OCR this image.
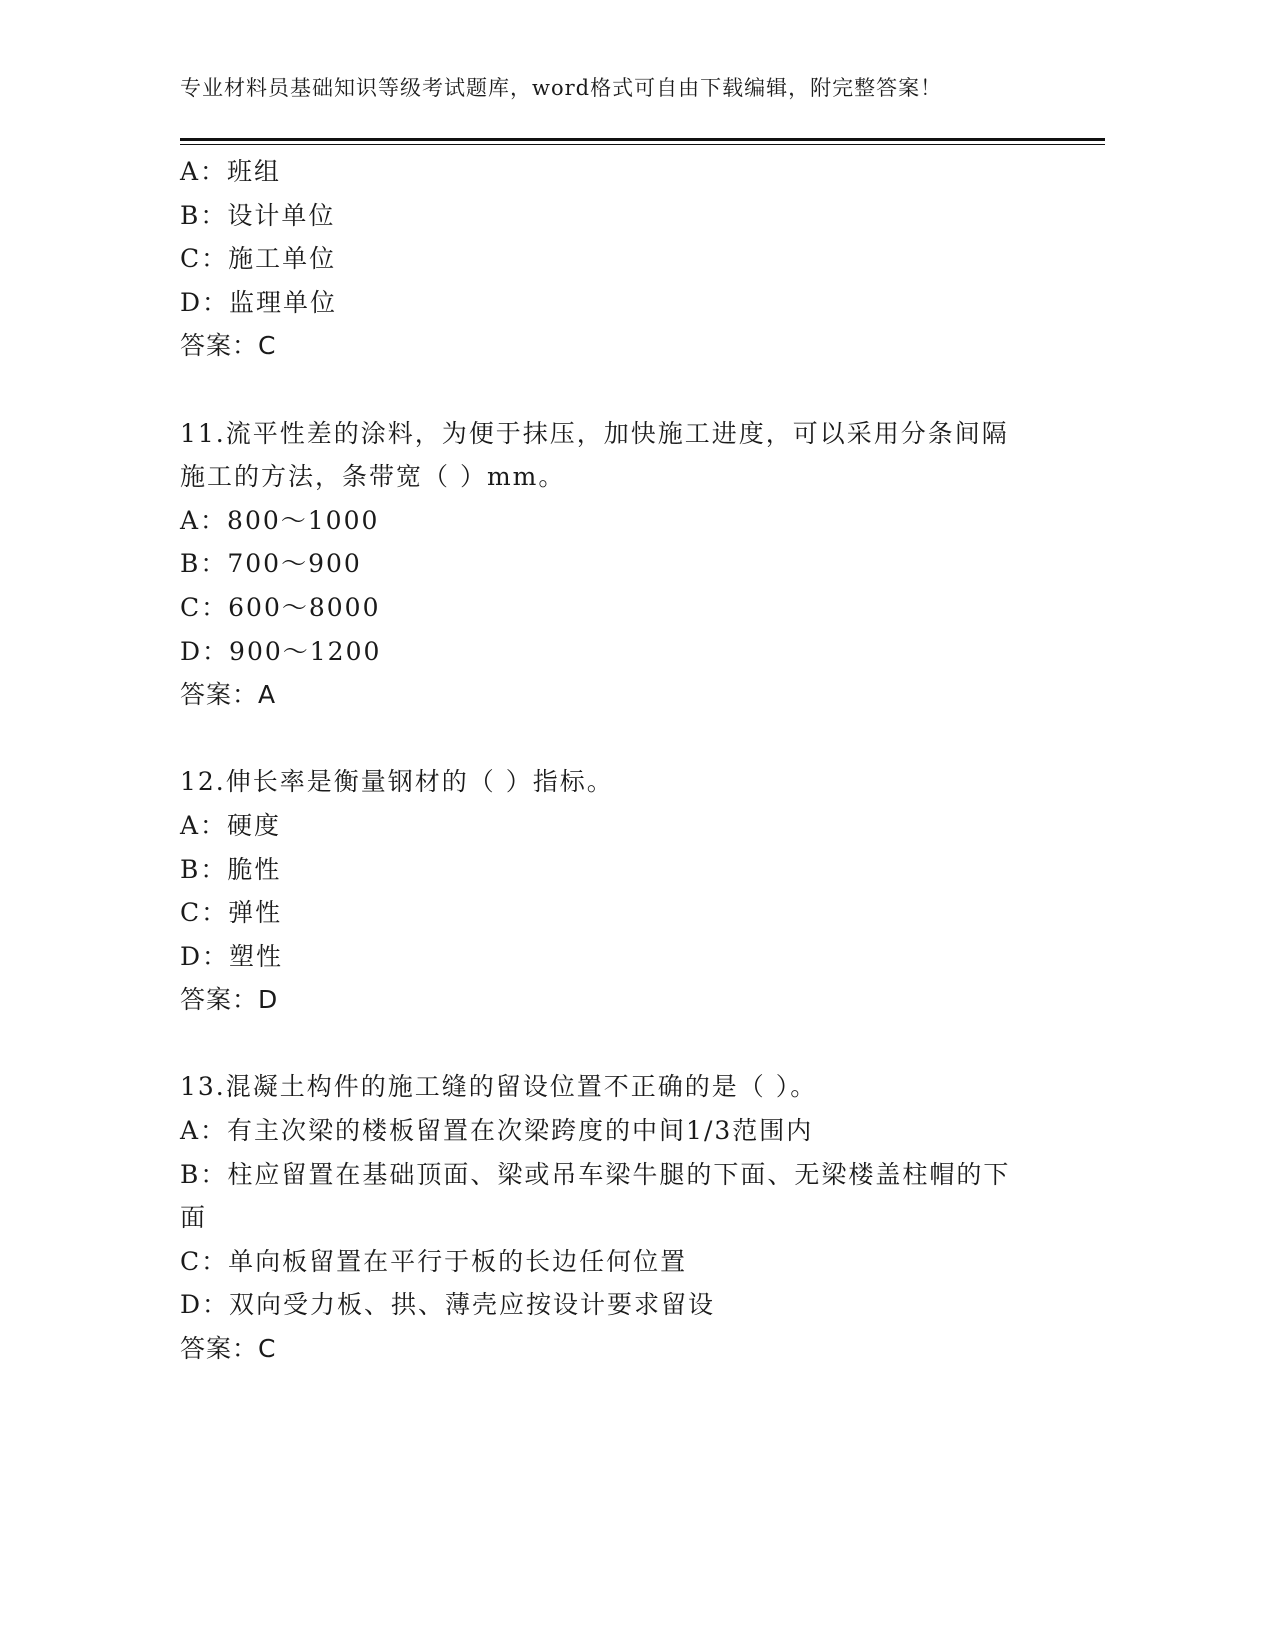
专业材料员基础知识等级考试题库，word格式可自由下载编辑，附完整答案！
A：班组
B：设计单位
C：施工单位
D：监理单位
答案：C
11.流平性差的涂料，为便于抹压，加快施工进度，可以采用分条间隔
施工的方法，条带宽（ ）mm。
A：800～1000
B：700～900
C：600～8000
D：900～1200
答案：A
12.伸长率是衡量钢材的（ ）指标。
A：硬度
B：脆性
C：弹性
D：塑性
答案：D
13.混凝土构件的施工缝的留设位置不正确的是（ ）。
A：有主次梁的楼板留置在次梁跨度的中间1/3范围内
B：柱应留置在基础顶面、梁或吊车梁牛腿的下面、无梁楼盖柱帽的下
面
C：单向板留置在平行于板的长边任何位置
D：双向受力板、拱、薄壳应按设计要求留设
答案：C
